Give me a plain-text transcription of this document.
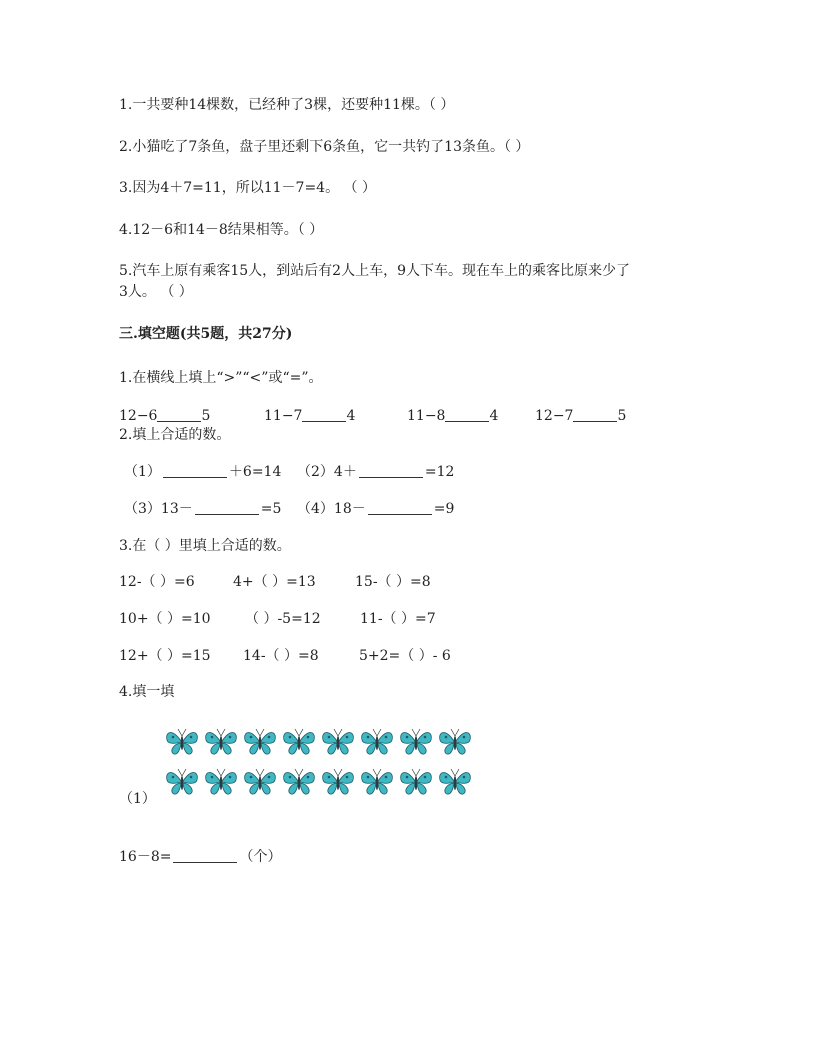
1.一共要种14棵数，已经种了3棵，还要种11棵。（ ）
2.小猫吃了7条鱼，盘子里还剩下6条鱼，它一共钓了13条鱼。（ ）
3.因为4＋7=11，所以11－7=4。 （ ）
4.12－6和14－8结果相等。（ ）
5.汽车上原有乘客15人，到站后有2人上车，9人下车。现在车上的乘客比原来少了
3人。 （ ）
三.填空题(共5题，共27分)
1.在横线上填上“>”“<”或“=”。
12−6	5	11−7	4	11−8	4	12−7	5
2.填上合适的数。
（1）	＋6=14 （2）4＋	=12
（3）13－	=5 （4）18－	=9
3.在（ ）里填上合适的数。
12-（ ）=6	4+（ ）=13	15-（ ）=8
10+（ ）=10 （ ）-5=12	11-（ ）=7
12+（ ）=15 14-（ ）=8	5+2=（ ）- 6
4.填一填
（1）
16－8=	（个）
